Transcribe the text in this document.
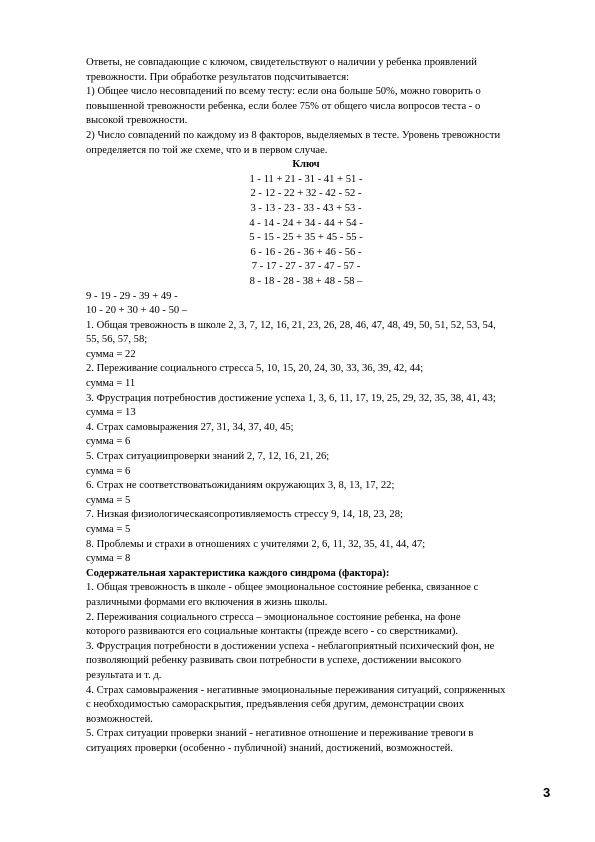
Ответы, не совпадающие с ключом, свидетельствуют о наличии у ребенка проявлений

тревожности. При обработке результатов подсчитывается:

1) Общее число несовпадений по всему тесту: если она больше 50%, можно говорить о

повышенной тревожности ребенка, если более 75% от общего числа вопросов теста - о

высокой тревожности.

2) Число совпадений по каждому из 8 факторов, выделяемых в тесте. Уровень тревожности

определяется по той же схеме, что и в первом случае.

Ключ

1 - 11 + 21 - 31 - 41 + 51 -

2 - 12 - 22 + 32 - 42 - 52 -

3 - 13 - 23 - 33 - 43 + 53 -

4 - 14 - 24 + 34 - 44 + 54 -

5 - 15 - 25 + 35 + 45 - 55 -

6 - 16 - 26 - 36 + 46 - 56 -

7 - 17 - 27 - 37 - 47 - 57 -

8 - 18 - 28 - 38 + 48 - 58 –

9 - 19 - 29 - 39 + 49 -

10 - 20 + 30 + 40 - 50 –

1. Общая тревожность в школе 2, 3, 7, 12, 16, 21, 23, 26, 28, 46, 47, 48, 49, 50, 51, 52, 53, 54,

55, 56, 57, 58;

сумма = 22

2. Переживание социального стресса 5, 10, 15, 20, 24, 30, 33, 36, 39, 42, 44;

сумма = 11

3. Фрустрация потребностив достижение успеха 1, 3, 6, 11, 17, 19, 25, 29, 32, 35, 38, 41, 43;

сумма = 13

4. Страх самовыражения 27, 31, 34, 37, 40, 45;

сумма = 6

5. Страх ситуациипроверки знаний 2, 7, 12, 16, 21, 26;

сумма = 6

6. Страх не соответствоватьожиданиям окружающих 3, 8, 13, 17, 22;

сумма = 5

7. Низкая физиологическаясопротивляемость стрессу 9, 14, 18, 23, 28;

сумма = 5

8. Проблемы и страхи в отношениях с учителями 2, 6, 11, 32, 35, 41, 44, 47;

сумма = 8

Содержательная характеристика каждого синдрома (фактора):

1. Общая тревожность в школе - общее эмоциональное состояние ребенка, связанное с

различными формами его включения в жизнь школы.

2. Переживания социального стресса – эмоциональное состояние ребенка, на фоне

которого развиваются его социальные контакты (прежде всего - со сверстниками).

3. Фрустрация потребности в достижении успеха - неблагоприятный психический фон, не

позволяющий ребенку развивать свои потребности в успехе, достижении высокого

результата и т. д.

4. Страх самовыражения - негативные эмоциональные переживания ситуаций, сопряженных

с необходимостью самораскрытия, предъявления себя другим, демонстрации своих

возможностей.

5. Страх ситуации проверки знаний - негативное отношение и переживание тревоги в

ситуациях проверки (особенно - публичной) знаний, достижений, возможностей.

3
